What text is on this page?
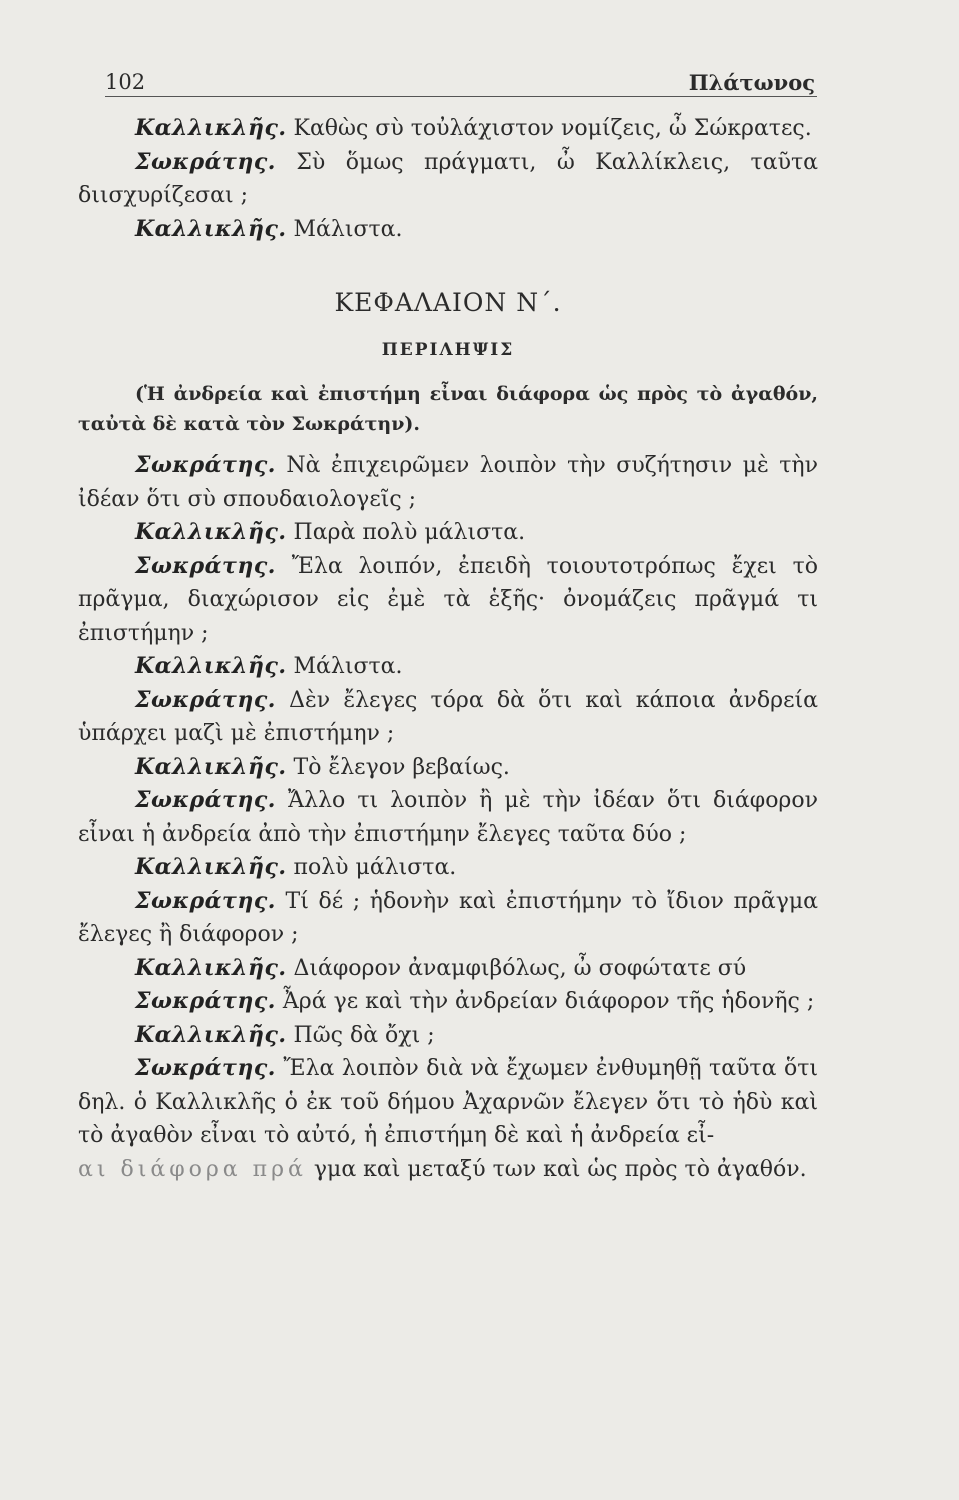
102	Πλάτωνος

Καλλικλῆς. Καθὼς σὺ τοὐλάχιστον νομίζεις, ὦ Σώκρατες.

Σωκράτης. Σὺ ὅμως πράγματι, ὦ Καλλίκλεις, ταῦτα διισχυρίζεσαι ;

Καλλικλῆς. Μάλιστα.

ΚΕΦΑΛΑΙΟΝ Ν΄.
ΠΕΡΙΛΗΨΙΣ

(Ἡ ἀνδρεία καὶ ἐπιστήμη εἶναι διάφορα ὡς πρὸς τὸ ἀγαθόν, ταὐτὰ δὲ κατὰ τὸν Σωκράτην).

Σωκράτης. Νὰ ἐπιχειρῶμεν λοιπὸν τὴν συζήτησιν μὲ τὴν ἰδέαν ὅτι σὺ σπουδαιολογεῖς ;

Καλλικλῆς. Παρὰ πολὺ μάλιστα.

Σωκράτης. Ἔλα λοιπόν, ἐπειδὴ τοιουτοτρόπως ἔχει τὸ πρᾶγμα, διαχώρισον εἰς ἐμὲ τὰ ἑξῆς· ὀνομάζεις πρᾶγμά τι ἐπιστήμην ;

Καλλικλῆς. Μάλιστα.

Σωκράτης. Δὲν ἔλεγες τόρα δὰ ὅτι καὶ κάποια ἀνδρεία ὑπάρχει μαζὶ μὲ ἐπιστήμην ;

Καλλικλῆς. Τὸ ἔλεγον βεβαίως.

Σωκράτης. Ἄλλο τι λοιπὸν ἢ μὲ τὴν ἰδέαν ὅτι διάφορον εἶναι ἡ ἀνδρεία ἀπὸ τὴν ἐπιστήμην ἔλεγες ταῦτα δύο ;

Καλλικλῆς. πολὺ μάλιστα.

Σωκράτης. Τί δέ ; ἡδονὴν καὶ ἐπιστήμην τὸ ἴδιον πρᾶγμα ἔλεγες ἢ διάφορον ;

Καλλικλῆς. Διάφορον ἀναμφιβόλως, ὦ σοφώτατε σύ

Σωκράτης. Ἆρά γε καὶ τὴν ἀνδρείαν διάφορον τῆς ἡδονῆς ;

Καλλικλῆς. Πῶς δὰ ὄχι ;

Σωκράτης. Ἔλα λοιπὸν διὰ νὰ ἔχωμεν ἐνθυμηθῇ ταῦτα ὅτι δηλ. ὁ Καλλικλῆς ὁ ἐκ τοῦ δήμου Ἀχαρνῶν ἔλεγεν ὅτι τὸ ἡδὺ καὶ τὸ ἀγαθὸν εἶναι τὸ αὐτό, ἡ ἐπιστήμη δὲ καὶ ἡ ἀνδρεία εἶ-

αι διάφορα πρά γμα καὶ μεταξύ των καὶ ὡς πρὸς τὸ ἀγαθόν.
